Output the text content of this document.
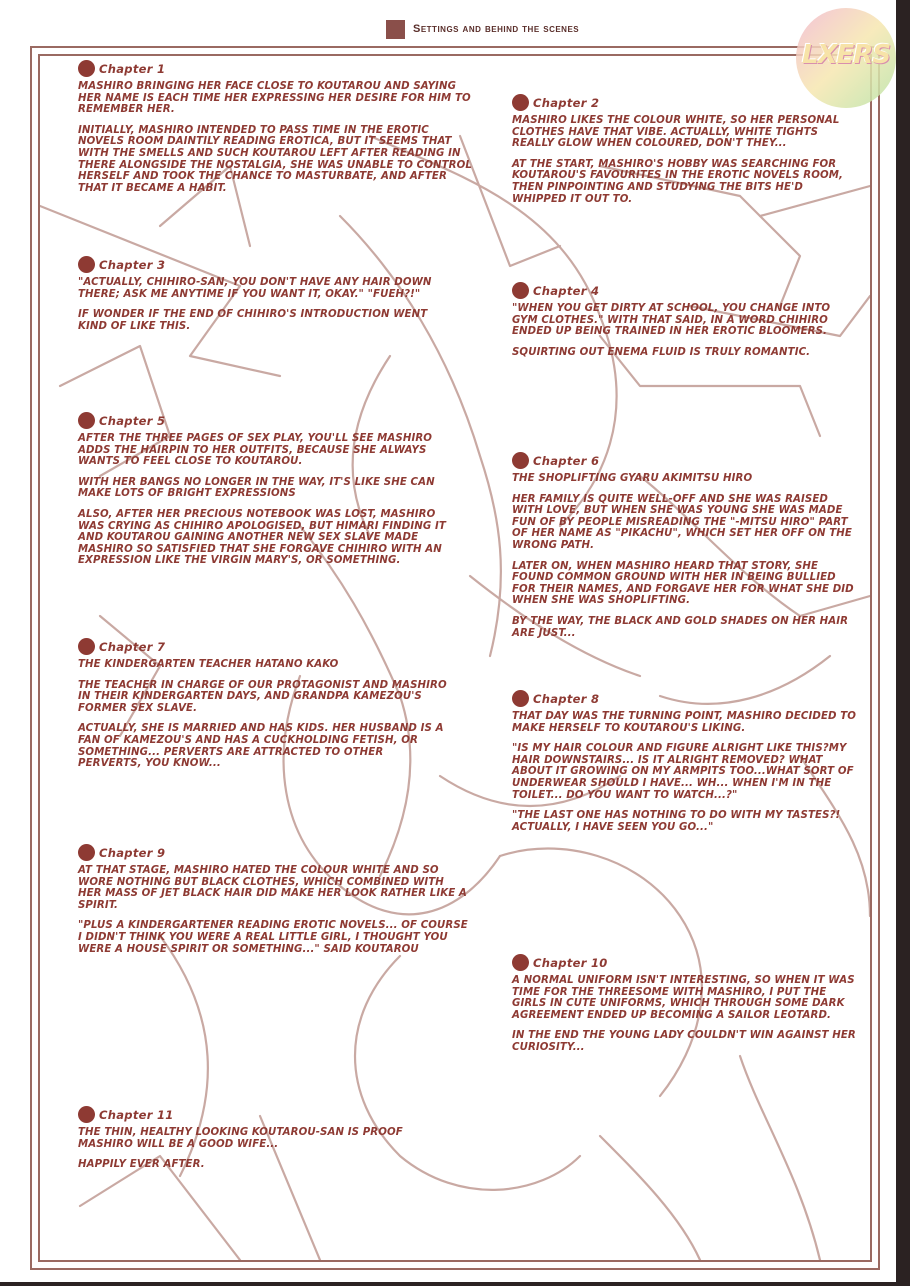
Settings and behind the scenes
LXERS
Chapter 1

MASHIRO BRINGING HER FACE CLOSE TO KOUTAROU AND SAYING HER NAME IS EACH TIME HER EXPRESSING HER DESIRE FOR HIM TO REMEMBER HER.

INITIALLY, MASHIRO INTENDED TO PASS TIME IN THE EROTIC NOVELS ROOM DAINTILY READING EROTICA, BUT IT SEEMS THAT WITH THE SMELLS AND SUCH KOUTAROU LEFT AFTER READING IN THERE ALONGSIDE THE NOSTALGIA, SHE WAS UNABLE TO CONTROL HERSELF AND TOOK THE CHANCE TO MASTURBATE, AND AFTER THAT IT BECAME A HABIT.

Chapter 2

MASHIRO LIKES THE COLOUR WHITE, SO HER PERSONAL CLOTHES HAVE THAT VIBE. ACTUALLY, WHITE TIGHTS REALLY GLOW WHEN COLOURED, DON'T THEY...

AT THE START, MASHIRO'S HOBBY WAS SEARCHING FOR KOUTAROU'S FAVOURITES IN THE EROTIC NOVELS ROOM, THEN PINPOINTING AND STUDYING THE BITS HE'D WHIPPED IT OUT TO.

Chapter 3

"ACTUALLY, CHIHIRO-SAN, YOU DON'T HAVE ANY HAIR DOWN THERE; ASK ME ANYTIME IF YOU WANT IT, OKAY." "FUEH?!"

IF WONDER IF THE END OF CHIHIRO'S INTRODUCTION WENT KIND OF LIKE THIS.

Chapter 4

"WHEN YOU GET DIRTY AT SCHOOL, YOU CHANGE INTO GYM CLOTHES." WITH THAT SAID, IN A WORD CHIHIRO ENDED UP BEING TRAINED IN HER EROTIC BLOOMERS.

SQUIRTING OUT ENEMA FLUID IS TRULY ROMANTIC.

Chapter 5

AFTER THE THREE PAGES OF SEX PLAY, YOU'LL SEE MASHIRO ADDS THE HAIRPIN TO HER OUTFITS, BECAUSE SHE ALWAYS WANTS TO FEEL CLOSE TO KOUTAROU.

WITH HER BANGS NO LONGER IN THE WAY, IT'S LIKE SHE CAN MAKE LOTS OF BRIGHT EXPRESSIONS

ALSO, AFTER HER PRECIOUS NOTEBOOK WAS LOST, MASHIRO WAS CRYING AS CHIHIRO APOLOGISED, BUT HIMARI FINDING IT AND KOUTAROU GAINING ANOTHER NEW SEX SLAVE MADE MASHIRO SO SATISFIED THAT SHE FORGAVE CHIHIRO WITH AN EXPRESSION LIKE THE VIRGIN MARY'S, OR SOMETHING.

Chapter 6

THE SHOPLIFTING GYARU AKIMITSU HIRO

HER FAMILY IS QUITE WELL-OFF AND SHE WAS RAISED WITH LOVE, BUT WHEN SHE WAS YOUNG SHE WAS MADE FUN OF BY PEOPLE MISREADING THE "-MITSU HIRO" PART OF HER NAME AS "PIKACHU", WHICH SET HER OFF ON THE WRONG PATH.

LATER ON, WHEN MASHIRO HEARD THAT STORY, SHE FOUND COMMON GROUND WITH HER IN BEING BULLIED FOR THEIR NAMES, AND FORGAVE HER FOR WHAT SHE DID WHEN SHE WAS SHOPLIFTING.

BY THE WAY, THE BLACK AND GOLD SHADES ON HER HAIR ARE JUST...

Chapter 7

THE KINDERGARTEN TEACHER HATANO KAKO

THE TEACHER IN CHARGE OF OUR PROTAGONIST AND MASHIRO IN THEIR KINDERGARTEN DAYS, AND GRANDPA KAMEZOU'S FORMER SEX SLAVE.

ACTUALLY, SHE IS MARRIED AND HAS KIDS. HER HUSBAND IS A FAN OF KAMEZOU'S AND HAS A CUCKHOLDING FETISH, OR SOMETHING... PERVERTS ARE ATTRACTED TO OTHER PERVERTS, YOU KNOW...

Chapter 8

THAT DAY WAS THE TURNING POINT, MASHIRO DECIDED TO MAKE HERSELF TO KOUTAROU'S LIKING.

"IS MY HAIR COLOUR AND FIGURE ALRIGHT LIKE THIS?MY HAIR DOWNSTAIRS... IS IT ALRIGHT REMOVED? WHAT ABOUT IT GROWING ON MY ARMPITS TOO...WHAT SORT OF UNDERWEAR SHOULD I HAVE... WH... WHEN I'M IN THE TOILET... DO YOU WANT TO WATCH...?"

"THE LAST ONE HAS NOTHING TO DO WITH MY TASTES?! ACTUALLY, I HAVE SEEN YOU GO..."

Chapter 9

AT THAT STAGE, MASHIRO HATED THE COLOUR WHITE AND SO WORE NOTHING BUT BLACK CLOTHES, WHICH COMBINED WITH HER MASS OF JET BLACK HAIR DID MAKE HER LOOK RATHER LIKE A SPIRIT.

"PLUS A KINDERGARTENER READING EROTIC NOVELS... OF COURSE I DIDN'T THINK YOU WERE A REAL LITTLE GIRL, I THOUGHT YOU WERE A HOUSE SPIRIT OR SOMETHING..." SAID KOUTAROU

Chapter 10

A NORMAL UNIFORM ISN'T INTERESTING, SO WHEN IT WAS TIME FOR THE THREESOME WITH MASHIRO, I PUT THE GIRLS IN CUTE UNIFORMS, WHICH THROUGH SOME DARK AGREEMENT ENDED UP BECOMING A SAILOR LEOTARD.

IN THE END THE YOUNG LADY COULDN'T WIN AGAINST HER CURIOSITY...

Chapter 11

THE THIN, HEALTHY LOOKING KOUTAROU-SAN IS PROOF MASHIRO WILL BE A GOOD WIFE...

HAPPILY EVER AFTER.
